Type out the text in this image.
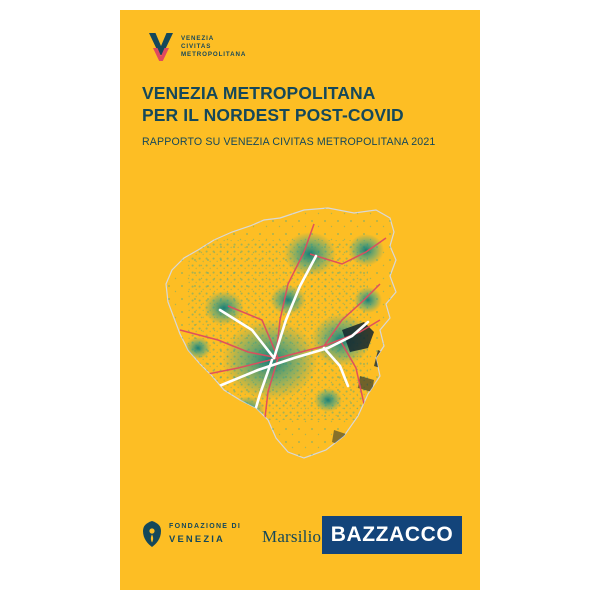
VENEZIA
CIVITAS
METROPOLITANA
VENEZIA METROPOLITANA
PER IL NORDEST POST-COVID
RAPPORTO SU VENEZIA CIVITAS METROPOLITANA 2021
FONDAZIONE DI
VENEZIA	Marsilio BAZZACCO
